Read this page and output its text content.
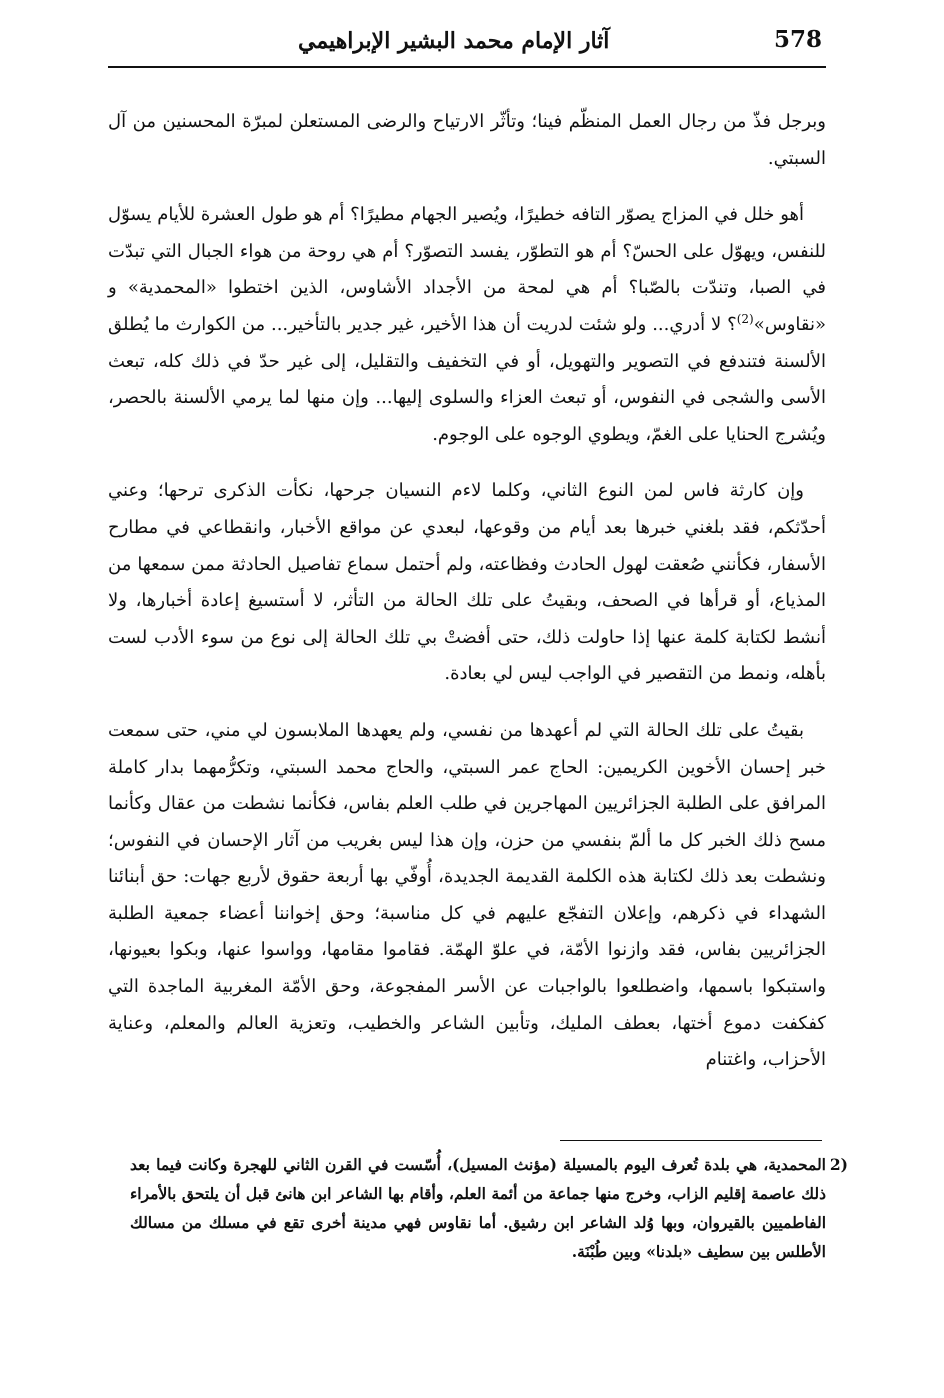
578
آثار الإمام محمد البشير الإبراهيمي

وبرجل فذّ من رجال العمل المنظّم فينا؛ وتأثّر الارتياح والرضى المستعلن لمبرّة المحسنين من آل السبتي.

أهو خلل في المزاج يصوّر التافه خطيرًا، ويُصير الجهام مطيرًا؟ أم هو طول العشرة للأيام يسوّل للنفس، ويهوّل على الحسّ؟ أم هو التطوّر، يفسد التصوّر؟ أم هي روحة من هواء الجبال التي تبدّت في الصبا، وتندّت بالصّبا؟ أم هي لمحة من الأجداد الأشاوس، الذين اختطوا «المحمدية» و «نقاوس»$^{(2)}$؟ لا أدري... ولو شئت لدريت أن هذا الأخير، غير جدير بالتأخير... من الكوارث ما يُطلق الألسنة فتندفع في التصوير والتهويل، أو في التخفيف والتقليل، إلى غير حدّ في ذلك كله، تبعث الأسى والشجى في النفوس، أو تبعث العزاء والسلوى إليها... وإن منها لما يرمي الألسنة بالحصر، ويُشرج الحنايا على الغمّ، ويطوي الوجوه على الوجوم.

وإن كارثة فاس لمن النوع الثاني، وكلما لاءم النسيان جرحها، نكأت الذكرى ترحها؛ وعني أحدّثكم، فقد بلغني خبرها بعد أيام من وقوعها، لبعدي عن مواقع الأخبار، وانقطاعي في مطارح الأسفار، فكأنني صُعقت لهول الحادث وفظاعته، ولم أحتمل سماع تفاصيل الحادثة ممن سمعها من المذياع، أو قرأها في الصحف، وبقيتُ على تلك الحالة من التأثر، لا أستسيغ إعادة أخبارها، ولا أنشط لكتابة كلمة عنها إذا حاولت ذلك، حتى أفضتْ بي تلك الحالة إلى نوع من سوء الأدب لست بأهله، ونمط من التقصير في الواجب ليس لي بعادة.

بقيتُ على تلك الحالة التي لم أعهدها من نفسي، ولم يعهدها الملابسون لي مني، حتى سمعت خبر إحسان الأخوين الكريمين: الحاج عمر السبتي، والحاج محمد السبتي، وتكرُّمهما بدار كاملة المرافق على الطلبة الجزائريين المهاجرين في طلب العلم بفاس، فكأنما نشطت من عقال وكأنما مسح ذلك الخبر كل ما ألمّ بنفسي من حزن، وإن هذا ليس بغريب من آثار الإحسان في النفوس؛ ونشطت بعد ذلك لكتابة هذه الكلمة القديمة الجديدة، أُوفّي بها أربعة حقوق لأربع جهات: حق أبنائنا الشهداء في ذكرهم، وإعلان التفجّع عليهم في كل مناسبة؛ وحق إخواننا أعضاء جمعية الطلبة الجزائريين بفاس، فقد وازنوا الأمّة، في علوّ الهمّة. فقاموا مقامها، وواسوا عنها، وبكوا بعيونها، واستبكوا باسمها، واضطلعوا بالواجبات عن الأسر المفجوعة، وحق الأمّة المغربية الماجدة التي كفكفت دموع أختها، بعطف المليك، وتأبين الشاعر والخطيب، وتعزية العالم والمعلم، وعناية الأحزاب، واغتنام

2)
المحمدية، هي بلدة تُعرف اليوم بالمسيلة (مؤنث المسيل)، أُسّست في القرن الثاني للهجرة وكانت فيما بعد ذلك عاصمة إقليم الزاب، وخرج منها جماعة من أئمة العلم، وأقام بها الشاعر ابن هانئ قبل أن يلتحق بالأمراء الفاطميين بالقيروان، وبها وُلد الشاعر ابن رشيق. أما نقاوس فهي مدينة أخرى تقع في مسلك من مسالك الأطلس بين سطيف «بلدنا» وبين طُبْنَة.
